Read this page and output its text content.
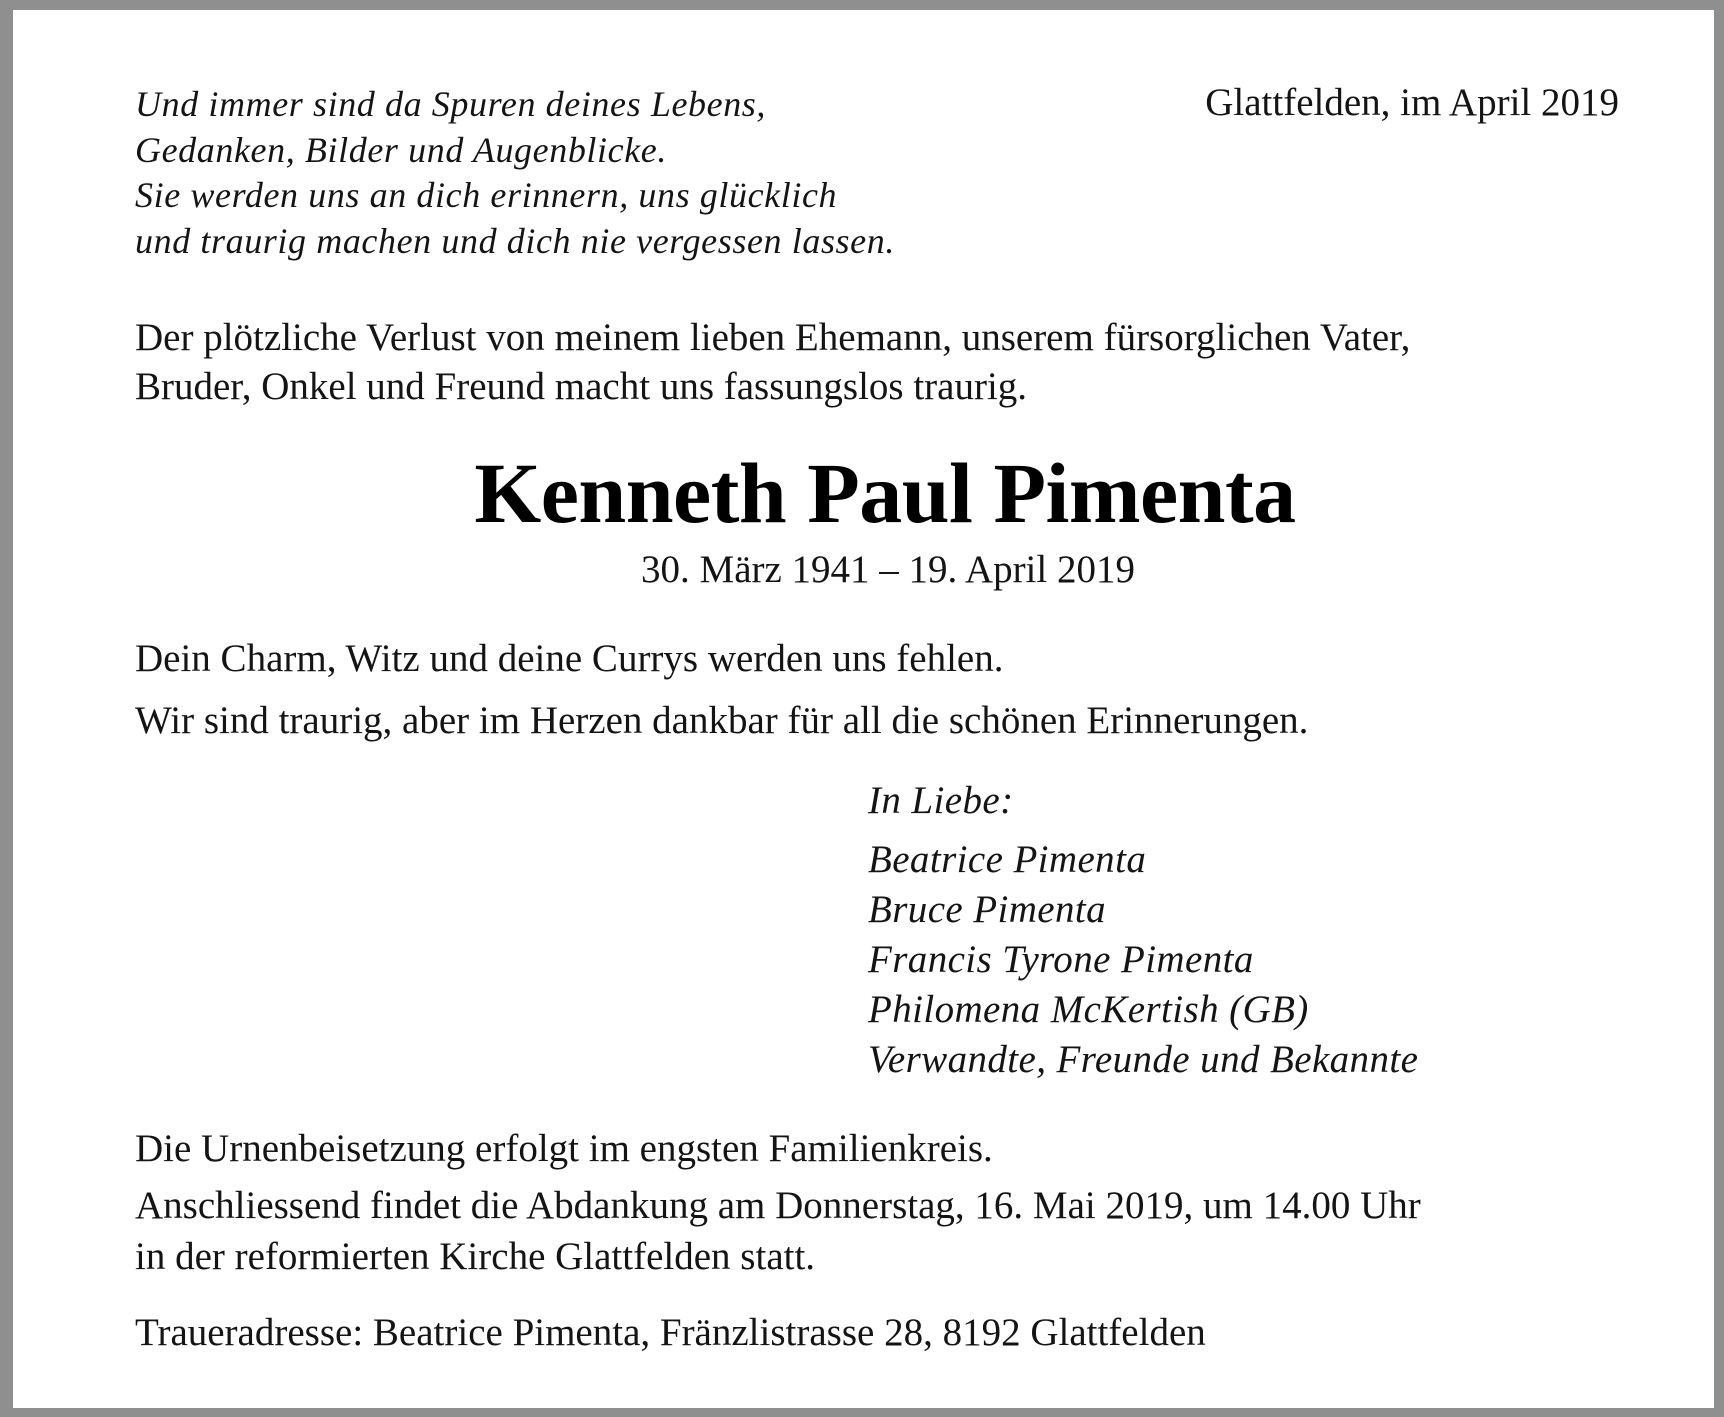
Und immer sind da Spuren deines Lebens,
Gedanken, Bilder und Augenblicke.
Sie werden uns an dich erinnern, uns glücklich
und traurig machen und dich nie vergessen lassen.
Glattfelden, im April 2019
Der plötzliche Verlust von meinem lieben Ehemann, unserem fürsorglichen Vater,
Bruder, Onkel und Freund macht uns fassungslos traurig.
Kenneth Paul Pimenta
30. März 1941 – 19. April 2019
Dein Charm, Witz und deine Currys werden uns fehlen.
Wir sind traurig, aber im Herzen dankbar für all die schönen Erinnerungen.
In Liebe:
Beatrice Pimenta
Bruce Pimenta
Francis Tyrone Pimenta
Philomena McKertish (GB)
Verwandte, Freunde und Bekannte
Die Urnenbeisetzung erfolgt im engsten Familienkreis.
Anschliessend findet die Abdankung am Donnerstag, 16. Mai 2019, um 14.00 Uhr
in der reformierten Kirche Glattfelden statt.
Traueradresse: Beatrice Pimenta, Fränzlistrasse 28, 8192 Glattfelden
